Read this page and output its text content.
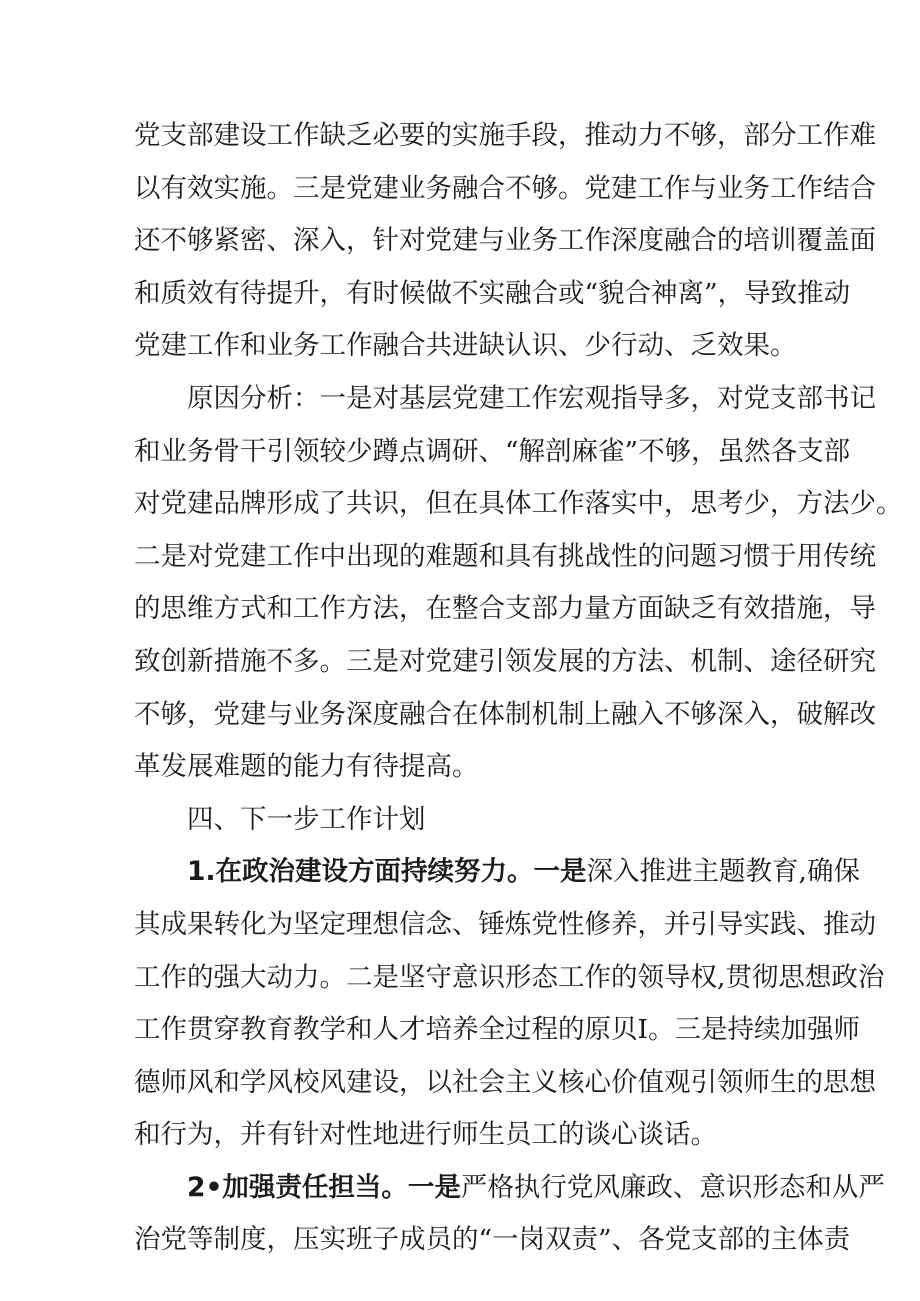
党支部建设工作缺乏必要的实施手段，推动力不够，部分工作难
以有效实施。三是党建业务融合不够。党建工作与业务工作结合
还不够紧密、深入，针对党建与业务工作深度融合的培训覆盖面
和质效有待提升，有时候做不实融合或“貌合神离”，导致推动
党建工作和业务工作融合共进缺认识、少行动、乏效果。
原因分析：一是对基层党建工作宏观指导多，对党支部书记
和业务骨干引领较少蹲点调研、“解剖麻雀”不够，虽然各支部
对党建品牌形成了共识，但在具体工作落实中，思考少，方法少。
二是对党建工作中出现的难题和具有挑战性的问题习惯于用传统
的思维方式和工作方法，在整合支部力量方面缺乏有效措施，导
致创新措施不多。三是对党建引领发展的方法、机制、途径研究
不够，党建与业务深度融合在体制机制上融入不够深入，破解改
革发展难题的能力有待提高。
四、下一步工作计划
1.在政治建设方面持续努力。一是深入推进主题教育,确保
其成果转化为坚定理想信念、锤炼党性修养，并引导实践、推动
工作的强大动力。二是坚守意识形态工作的领导权,贯彻思想政治
工作贯穿教育教学和人才培养全过程的原贝I。三是持续加强师
德师风和学风校风建设，以社会主义核心价值观引领师生的思想
和行为，并有针对性地进行师生员工的谈心谈话。
2•加强责任担当。一是严格执行党风廉政、意识形态和从严
治党等制度，压实班子成员的“一岗双责”、各党支部的主体责
